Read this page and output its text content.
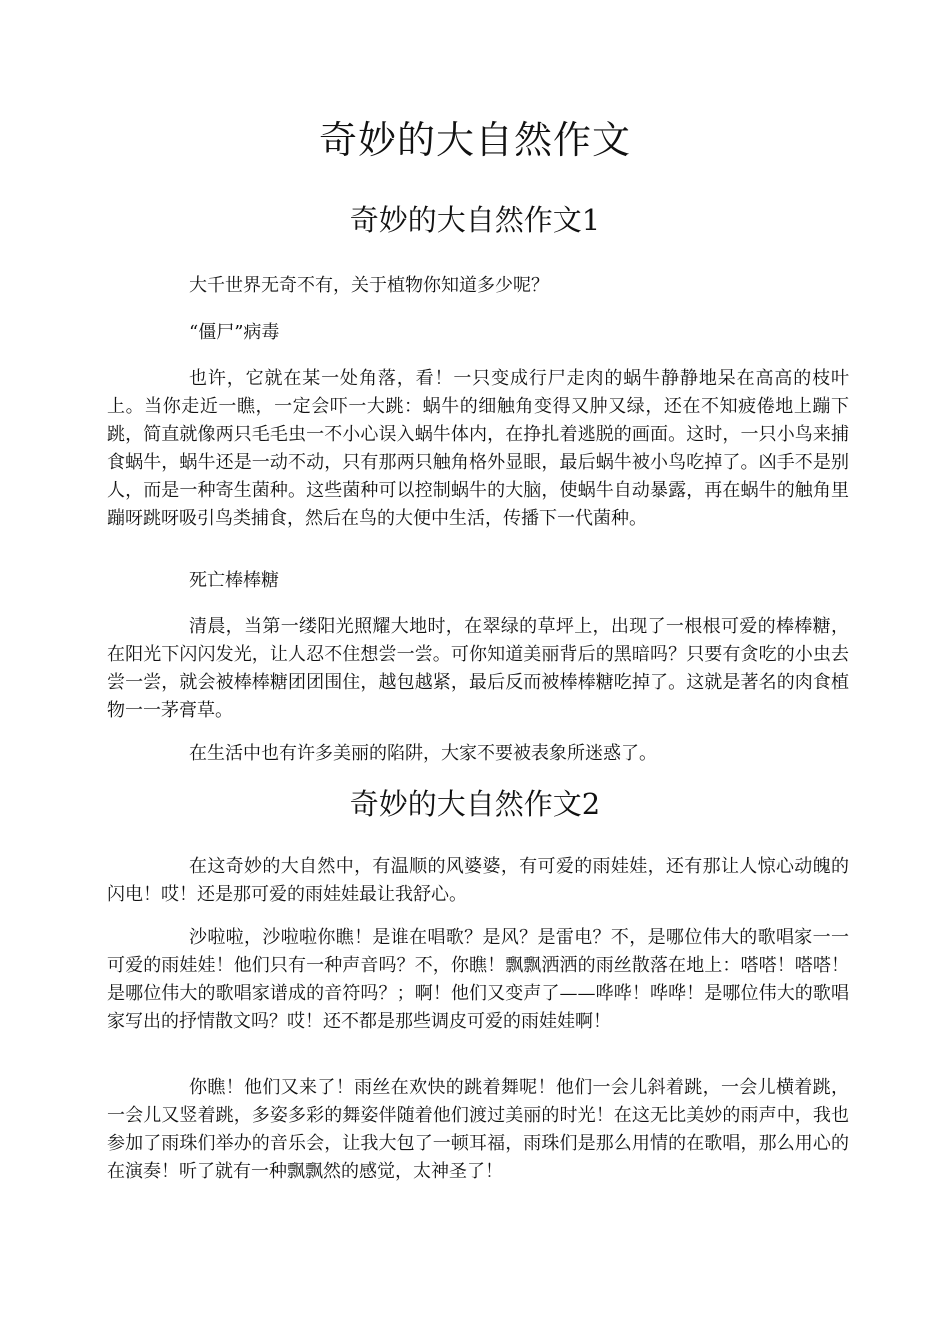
奇妙的大自然作文
奇妙的大自然作文1

大千世界无奇不有，关于植物你知道多少呢？

“僵尸”病毒

也许，它就在某一处角落，看！一只变成行尸走肉的蜗牛静静地呆在高高的枝叶上。当你走近一瞧，一定会吓一大跳：蜗牛的细触角变得又肿又绿，还在不知疲倦地上蹦下跳，简直就像两只毛毛虫一不小心误入蜗牛体内，在挣扎着逃脱的画面。这时，一只小鸟来捕食蜗牛，蜗牛还是一动不动，只有那两只触角格外显眼，最后蜗牛被小鸟吃掉了。凶手不是别人，而是一种寄生菌种。这些菌种可以控制蜗牛的大脑，使蜗牛自动暴露，再在蜗牛的触角里蹦呀跳呀吸引鸟类捕食，然后在鸟的大便中生活，传播下一代菌种。

死亡棒棒糖

清晨，当第一缕阳光照耀大地时，在翠绿的草坪上，出现了一根根可爱的棒棒糖，在阳光下闪闪发光，让人忍不住想尝一尝。可你知道美丽背后的黑暗吗？只要有贪吃的小虫去尝一尝，就会被棒棒糖团团围住，越包越紧，最后反而被棒棒糖吃掉了。这就是著名的肉食植物一一茅膏草。

在生活中也有许多美丽的陷阱，大家不要被表象所迷惑了。

奇妙的大自然作文2

在这奇妙的大自然中，有温顺的风婆婆，有可爱的雨娃娃，还有那让人惊心动魄的闪电！哎！还是那可爱的雨娃娃最让我舒心。

沙啦啦，沙啦啦你瞧！是谁在唱歌？是风？是雷电？不，是哪位伟大的歌唱家一一可爱的雨娃娃！他们只有一种声音吗？不，你瞧！飘飘洒洒的雨丝散落在地上：嗒嗒！嗒嗒！是哪位伟大的歌唱家谱成的音符吗？；啊！他们又变声了——哗哗！哗哗！是哪位伟大的歌唱家写出的抒情散文吗？哎！还不都是那些调皮可爱的雨娃娃啊！

你瞧！他们又来了！雨丝在欢快的跳着舞呢！他们一会儿斜着跳，一会儿横着跳，一会儿又竖着跳，多姿多彩的舞姿伴随着他们渡过美丽的时光！在这无比美妙的雨声中，我也参加了雨珠们举办的音乐会，让我大包了一顿耳福，雨珠们是那么用情的在歌唱，那么用心的在演奏！听了就有一种飘飘然的感觉，太神圣了！
